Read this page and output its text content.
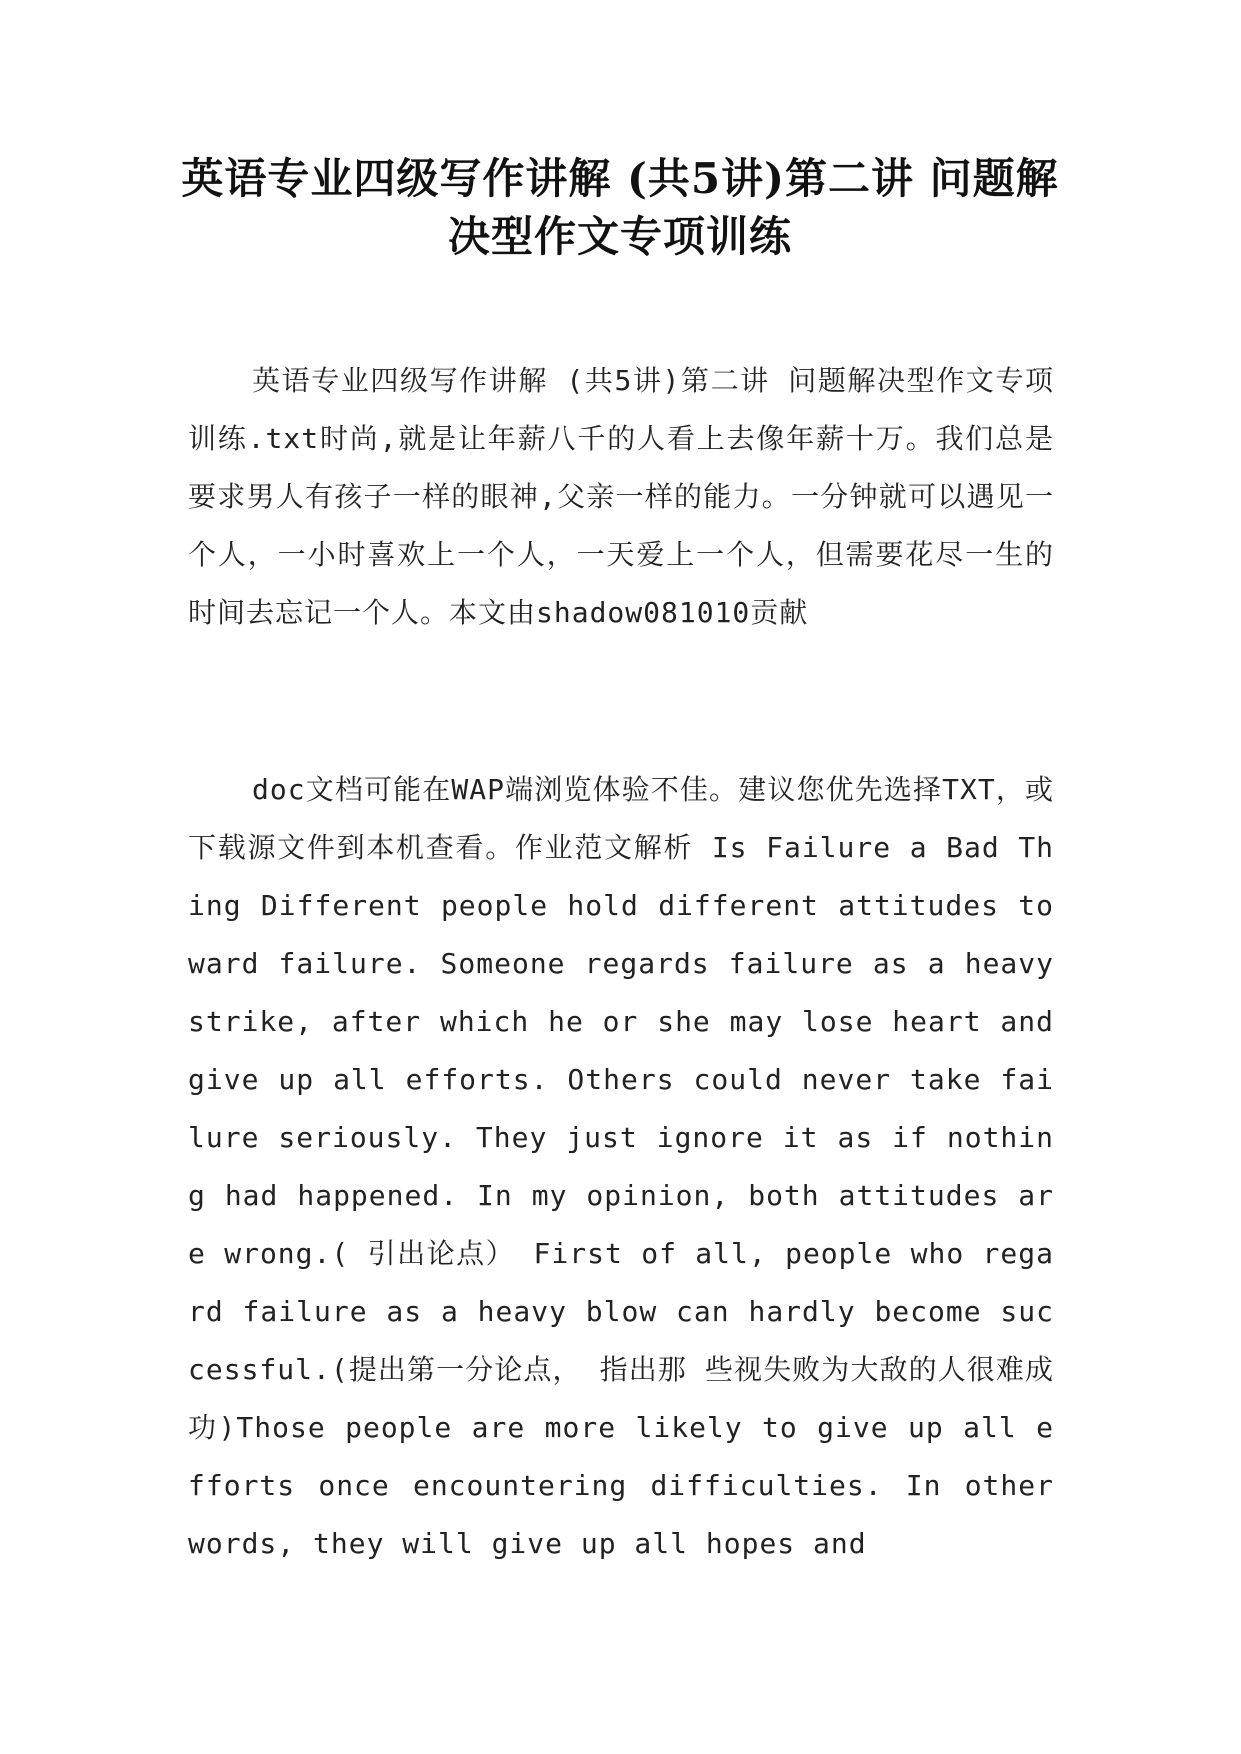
英语专业四级写作讲解 (共5讲)第二讲 问题解决型作文专项训练

英语专业四级写作讲解 (共5讲)第二讲 问题解决型作文专项训练.txt时尚,就是让年薪八千的人看上去像年薪十万。我们总是要求男人有孩子一样的眼神,父亲一样的能力。一分钟就可以遇见一个人，一小时喜欢上一个人，一天爱上一个人，但需要花尽一生的时间去忘记一个人。本文由shadow081010贡献

doc文档可能在WAP端浏览体验不佳。建议您优先选择TXT，或下载源文件到本机查看。作业范文解析 Is Failure a Bad Thing Different people hold different attitudes toward failure. Someone regards failure as a heavy strike, after which he or she may lose heart and give up all efforts. Others could never take failure seriously. They just ignore it as if nothing had happened. In my opinion, both attitudes are wrong.( 引出论点） First of all, people who regard failure as a heavy blow can hardly become successful.(提出第一分论点， 指出那 些视失败为大敌的人很难成功)Those people are more likely to give up all efforts once encountering difficulties. In other words, they will give up all hopes and
